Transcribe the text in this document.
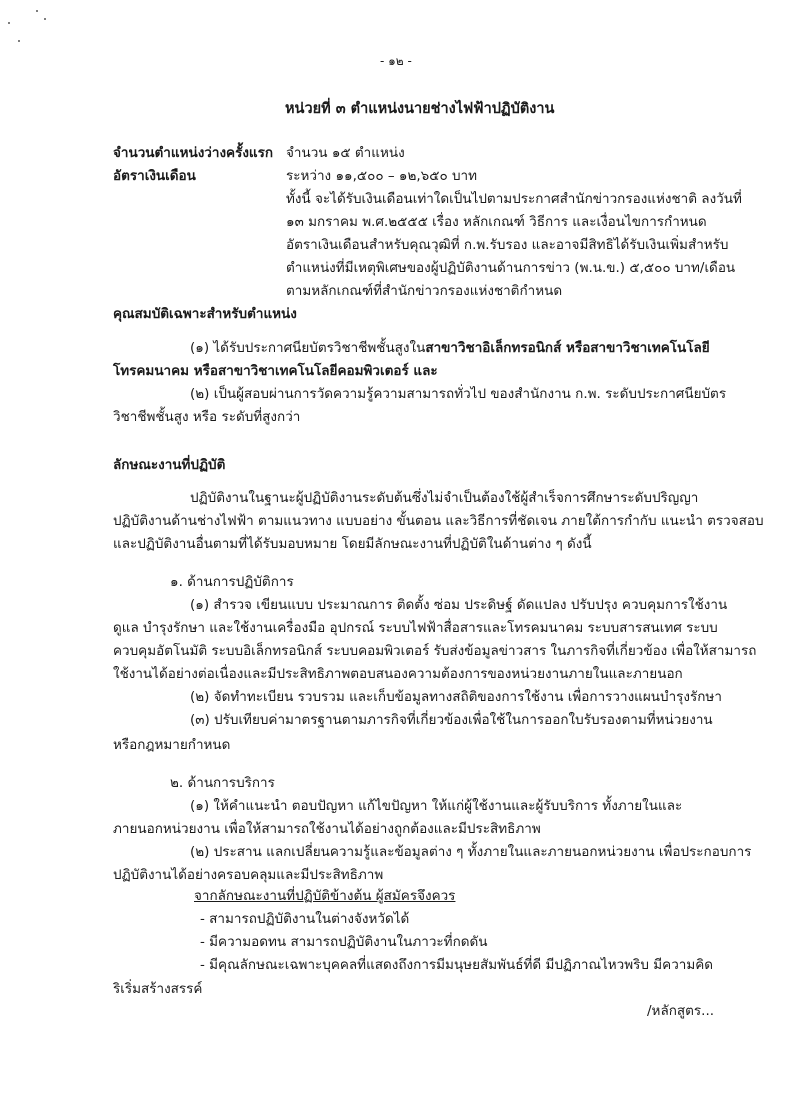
- ๑๒ -
หน่วยที่ ๓ ตำแหน่งนายช่างไฟฟ้าปฏิบัติงาน
จำนวนตำแหน่งว่างครั้งแรก จำนวน ๑๕ ตำแหน่ง
อัตราเงินเดือน	ระหว่าง ๑๑,๕๐๐ – ๑๒,๖๕๐ บาท
ทั้งนี้ จะได้รับเงินเดือนเท่าใดเป็นไปตามประกาศสำนักข่าวกรองแห่งชาติ ลงวันที่
๑๓ มกราคม พ.ศ.๒๕๕๕ เรื่อง หลักเกณฑ์ วิธีการ และเงื่อนไขการกำหนด
อัตราเงินเดือนสำหรับคุณวุฒิที่ ก.พ.รับรอง และอาจมีสิทธิได้รับเงินเพิ่มสำหรับ
ตำแหน่งที่มีเหตุพิเศษของผู้ปฏิบัติงานด้านการข่าว (พ.น.ข.) ๕,๕๐๐ บาท/เดือน
ตามหลักเกณฑ์ที่สำนักข่าวกรองแห่งชาติกำหนด
คุณสมบัติเฉพาะสำหรับตำแหน่ง
(๑) ได้รับประกาศนียบัตรวิชาชีพชั้นสูงในสาขาวิชาอิเล็กทรอนิกส์ หรือสาขาวิชาเทคโนโลยี
โทรคมนาคม หรือสาขาวิชาเทคโนโลยีคอมพิวเตอร์ และ
(๒) เป็นผู้สอบผ่านการวัดความรู้ความสามารถทั่วไป ของสำนักงาน ก.พ. ระดับประกาศนียบัตร
วิชาชีพชั้นสูง หรือ ระดับที่สูงกว่า
ลักษณะงานที่ปฏิบัติ
ปฏิบัติงานในฐานะผู้ปฏิบัติงานระดับต้นซึ่งไม่จำเป็นต้องใช้ผู้สำเร็จการศึกษาระดับปริญญา
ปฏิบัติงานด้านช่างไฟฟ้า ตามแนวทาง แบบอย่าง ขั้นตอน และวิธีการที่ชัดเจน ภายใต้การกำกับ แนะนำ ตรวจสอบ
และปฏิบัติงานอื่นตามที่ได้รับมอบหมาย โดยมีลักษณะงานที่ปฏิบัติในด้านต่าง ๆ ดังนี้
๑. ด้านการปฏิบัติการ
(๑) สำรวจ เขียนแบบ ประมาณการ ติดตั้ง ซ่อม ประดิษฐ์ ดัดแปลง ปรับปรุง ควบคุมการใช้งาน
ดูแล บำรุงรักษา และใช้งานเครื่องมือ อุปกรณ์ ระบบไฟฟ้าสื่อสารและโทรคมนาคม ระบบสารสนเทศ ระบบ
ควบคุมอัตโนมัติ ระบบอิเล็กทรอนิกส์ ระบบคอมพิวเตอร์ รับส่งข้อมูลข่าวสาร ในภารกิจที่เกี่ยวข้อง เพื่อให้สามารถ
ใช้งานได้อย่างต่อเนื่องและมีประสิทธิภาพตอบสนองความต้องการของหน่วยงานภายในและภายนอก
(๒) จัดทำทะเบียน รวบรวม และเก็บข้อมูลทางสถิติของการใช้งาน เพื่อการวางแผนบำรุงรักษา
(๓) ปรับเทียบค่ามาตรฐานตามภารกิจที่เกี่ยวข้องเพื่อใช้ในการออกใบรับรองตามที่หน่วยงาน
หรือกฎหมายกำหนด
๒. ด้านการบริการ
(๑) ให้คำแนะนำ ตอบปัญหา แก้ไขปัญหา ให้แก่ผู้ใช้งานและผู้รับบริการ ทั้งภายในและ
ภายนอกหน่วยงาน เพื่อให้สามารถใช้งานได้อย่างถูกต้องและมีประสิทธิภาพ
(๒) ประสาน แลกเปลี่ยนความรู้และข้อมูลต่าง ๆ ทั้งภายในและภายนอกหน่วยงาน เพื่อประกอบการ
ปฏิบัติงานได้อย่างครอบคลุมและมีประสิทธิภาพ
จากลักษณะงานที่ปฏิบัติข้างต้น ผู้สมัครจึงควร
- สามารถปฏิบัติงานในต่างจังหวัดได้
- มีความอดทน สามารถปฏิบัติงานในภาวะที่กดดัน
- มีคุณลักษณะเฉพาะบุคคลที่แสดงถึงการมีมนุษยสัมพันธ์ที่ดี มีปฏิภาณไหวพริบ มีความคิด
ริเริ่มสร้างสรรค์
/หลักสูตร...
